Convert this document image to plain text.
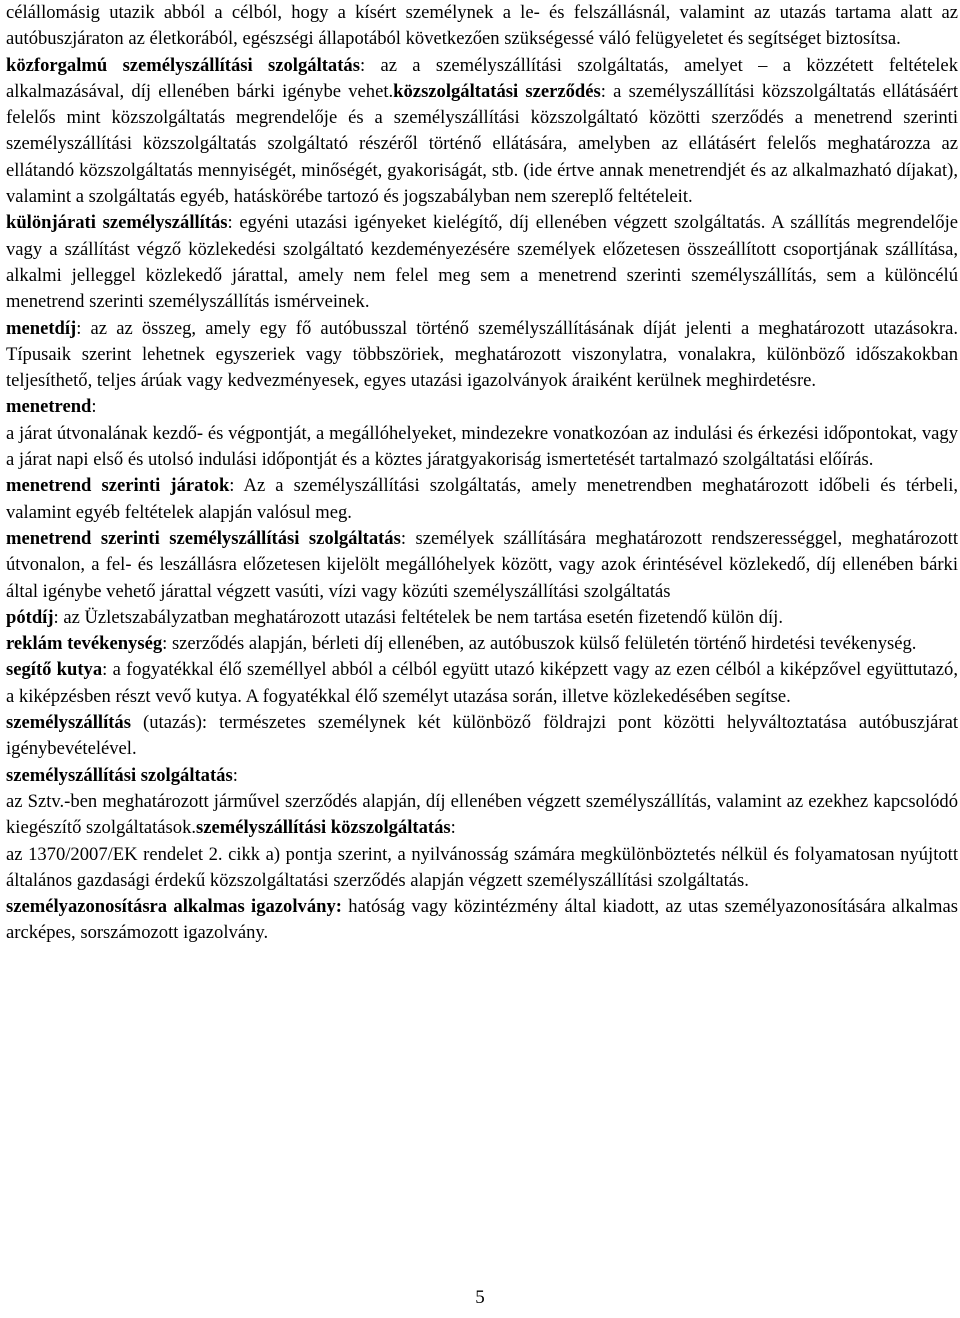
célállomásig utazik abból a célból, hogy a kísért személynek a le- és felszállásnál, valamint az utazás tartama alatt az autóbuszjáraton az életkorából, egészségi állapotából következően szükségessé váló felügyeletet és segítséget biztosítsa.

közforgalmú személyszállítási szolgáltatás: az a személyszállítási szolgáltatás, amelyet – a közzétett feltételek alkalmazásával, díj ellenében bárki igénybe vehet.közszolgáltatási szerződés: a személyszállítási közszolgáltatás ellátásáért felelős mint közszolgáltatás megrendelője és a személyszállítási közszolgáltató közötti szerződés a menetrend szerinti személyszállítási közszolgáltatás szolgáltató részéről történő ellátására, amelyben az ellátásért felelős meghatározza az ellátandó közszolgáltatás mennyiségét, minőségét, gyakoriságát, stb. (ide értve annak menetrendjét és az alkalmazható díjakat), valamint a szolgáltatás egyéb, hatáskörébe tartozó és jogszabályban nem szereplő feltételeit.

különjárati személyszállítás: egyéni utazási igényeket kielégítő, díj ellenében végzett szolgáltatás. A szállítás megrendelője vagy a szállítást végző közlekedési szolgáltató kezdeményezésére személyek előzetesen összeállított csoportjának szállítása, alkalmi jelleggel közlekedő járattal, amely nem felel meg sem a menetrend szerinti személyszállítás, sem a különcélú menetrend szerinti személyszállítás ismérveinek.

menetdíj: az az összeg, amely egy fő autóbusszal történő személyszállításának díját jelenti a meghatározott utazásokra. Típusaik szerint lehetnek egyszeriek vagy többszöriek, meghatározott viszonylatra, vonalakra, különböző időszakokban teljesíthető, teljes árúak vagy kedvezményesek, egyes utazási igazolványok áraiként kerülnek meghirdetésre.

menetrend:

a járat útvonalának kezdő- és végpontját, a megállóhelyeket, mindezekre vonatkozóan az indulási és érkezési időpontokat, vagy a járat napi első és utolsó indulási időpontját és a köztes járatgyakoriság ismertetését tartalmazó szolgáltatási előírás.

menetrend szerinti járatok: Az a személyszállítási szolgáltatás, amely menetrendben meghatározott időbeli és térbeli, valamint egyéb feltételek alapján valósul meg.

menetrend szerinti személyszállítási szolgáltatás: személyek szállítására meghatározott rendszerességgel, meghatározott útvonalon, a fel- és leszállásra előzetesen kijelölt megállóhelyek között, vagy azok érintésével közlekedő, díj ellenében bárki által igénybe vehető járattal végzett vasúti, vízi vagy közúti személyszállítási szolgáltatás

pótdíj: az Üzletszabályzatban meghatározott utazási feltételek be nem tartása esetén fizetendő külön díj.

reklám tevékenység: szerződés alapján, bérleti díj ellenében, az autóbuszok külső felületén történő hirdetési tevékenység.

segítő kutya: a fogyatékkal élő személlyel abból a célból együtt utazó kiképzett vagy az ezen célból a kiképzővel együttutazó, a kiképzésben részt vevő kutya. A fogyatékkal élő személyt utazása során, illetve közlekedésében segítse.

személyszállítás (utazás): természetes személynek két különböző földrajzi pont közötti helyváltoztatása autóbuszjárat igénybevételével.

személyszállítási szolgáltatás:

az Sztv.-ben meghatározott járművel szerződés alapján, díj ellenében végzett személyszállítás, valamint az ezekhez kapcsolódó kiegészítő szolgáltatások.személyszállítási közszolgáltatás:

az 1370/2007/EK rendelet 2. cikk a) pontja szerint, a nyilvánosság számára megkülönböztetés nélkül és folyamatosan nyújtott általános gazdasági érdekű közszolgáltatási szerződés alapján végzett személyszállítási szolgáltatás.

személyazonosításra alkalmas igazolvány: hatóság vagy közintézmény által kiadott, az utas személyazonosítására alkalmas arcképes, sorszámozott igazolvány.

5
